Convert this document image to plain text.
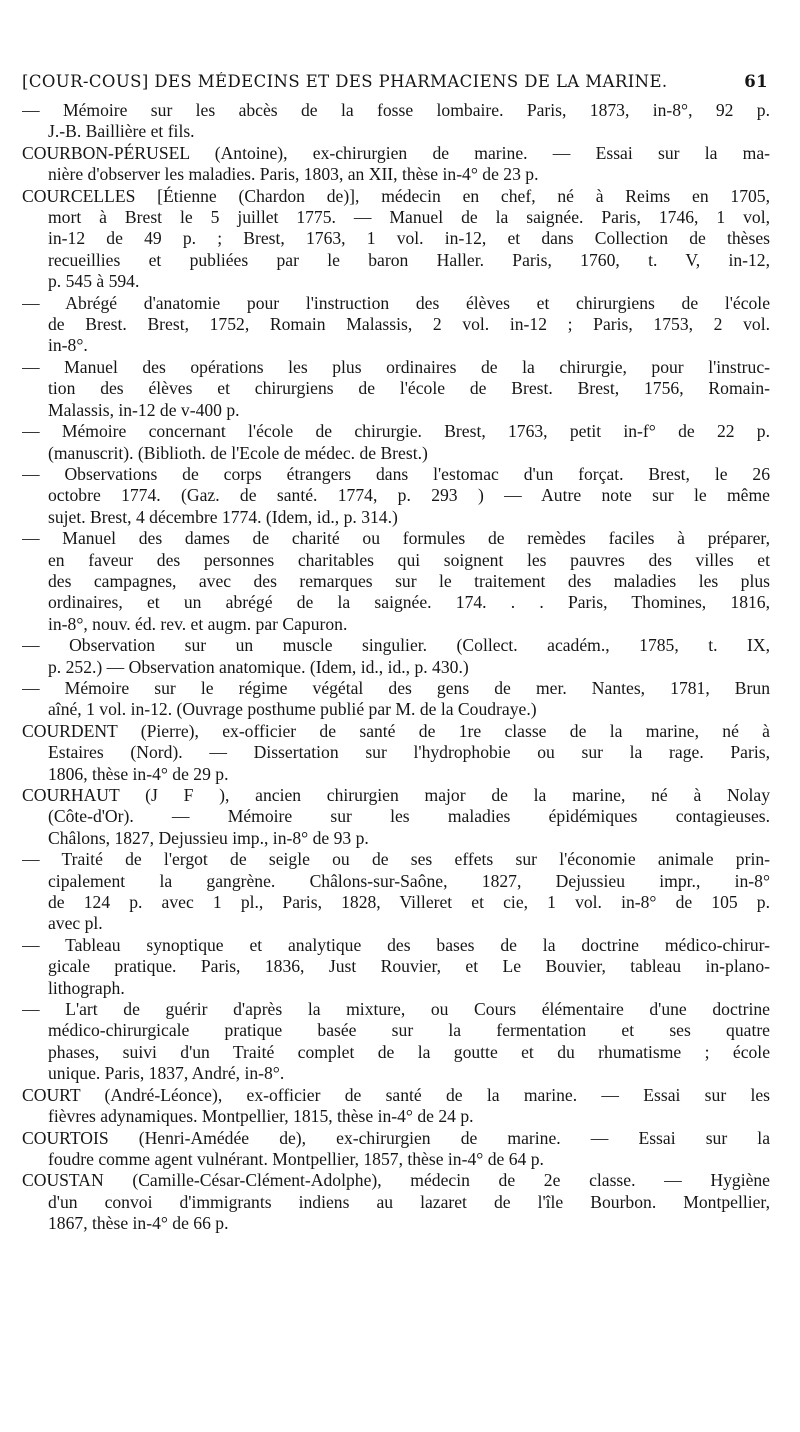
[COUR-COUS] DES MÉDECINS ET DES PHARMACIENS DE LA MARINE.	61
— Mémoire sur les abcès de la fosse lombaire. Paris, 1873, in-8°, 92 p.
J.-B. Baillière et fils.
COURBON-PÉRUSEL (Antoine), ex-chirurgien de marine. — Essai sur la ma-
nière d'observer les maladies. Paris, 1803, an XII, thèse in-4° de 23 p.
COURCELLES [Étienne (Chardon de)], médecin en chef, né à Reims en 1705,
mort à Brest le 5 juillet 1775. — Manuel de la saignée. Paris, 1746, 1 vol,
in-12 de 49 p. ; Brest, 1763, 1 vol. in-12, et dans Collection de thèses
recueillies et publiées par le baron Haller. Paris, 1760, t. V, in-12,
p. 545 à 594.
— Abrégé d'anatomie pour l'instruction des élèves et chirurgiens de l'école
de Brest. Brest, 1752, Romain Malassis, 2 vol. in-12 ; Paris, 1753, 2 vol.
in-8°.
— Manuel des opérations les plus ordinaires de la chirurgie, pour l'instruc-
tion des élèves et chirurgiens de l'école de Brest. Brest, 1756, Romain-
Malassis, in-12 de v-400 p.
— Mémoire concernant l'école de chirurgie. Brest, 1763, petit in-f° de 22 p.
(manuscrit). (Biblioth. de l'Ecole de médec. de Brest.)
— Observations de corps étrangers dans l'estomac d'un forçat. Brest, le 26
octobre 1774. (Gaz. de santé. 1774, p. 293 ) — Autre note sur le même
sujet. Brest, 4 décembre 1774. (Idem, id., p. 314.)
— Manuel des dames de charité ou formules de remèdes faciles à préparer,
en faveur des personnes charitables qui soignent les pauvres des villes et
des campagnes, avec des remarques sur le traitement des maladies les plus
ordinaires, et un abrégé de la saignée. 174. . . Paris, Thomines, 1816,
in-8°, nouv. éd. rev. et augm. par Capuron.
— Observation sur un muscle singulier. (Collect. académ., 1785, t. IX,
p. 252.) — Observation anatomique. (Idem, id., id., p. 430.)
— Mémoire sur le régime végétal des gens de mer. Nantes, 1781, Brun
aîné, 1 vol. in-12. (Ouvrage posthume publié par M. de la Coudraye.)
COURDENT (Pierre), ex-officier de santé de 1re classe de la marine, né à
Estaires (Nord). — Dissertation sur l'hydrophobie ou sur la rage. Paris,
1806, thèse in-4° de 29 p.
COURHAUT (J F ), ancien chirurgien major de la marine, né à Nolay
(Côte-d'Or). — Mémoire sur les maladies épidémiques contagieuses.
Châlons, 1827, Dejussieu imp., in-8° de 93 p.
— Traité de l'ergot de seigle ou de ses effets sur l'économie animale prin-
cipalement la gangrène. Châlons-sur-Saône, 1827, Dejussieu impr., in-8°
de 124 p. avec 1 pl., Paris, 1828, Villeret et cie, 1 vol. in-8° de 105 p.
avec pl.
— Tableau synoptique et analytique des bases de la doctrine médico-chirur-
gicale pratique. Paris, 1836, Just Rouvier, et Le Bouvier, tableau in-plano-
lithograph.
— L'art de guérir d'après la mixture, ou Cours élémentaire d'une doctrine
médico-chirurgicale pratique basée sur la fermentation et ses quatre
phases, suivi d'un Traité complet de la goutte et du rhumatisme ; école
unique. Paris, 1837, André, in-8°.
COURT (André-Léonce), ex-officier de santé de la marine. — Essai sur les
fièvres adynamiques. Montpellier, 1815, thèse in-4° de 24 p.
COURTOIS (Henri-Amédée de), ex-chirurgien de marine. — Essai sur la
foudre comme agent vulnérant. Montpellier, 1857, thèse in-4° de 64 p.
COUSTAN (Camille-César-Clément-Adolphe), médecin de 2e classe. — Hygiène
d'un convoi d'immigrants indiens au lazaret de l'île Bourbon. Montpellier,
1867, thèse in-4° de 66 p.
